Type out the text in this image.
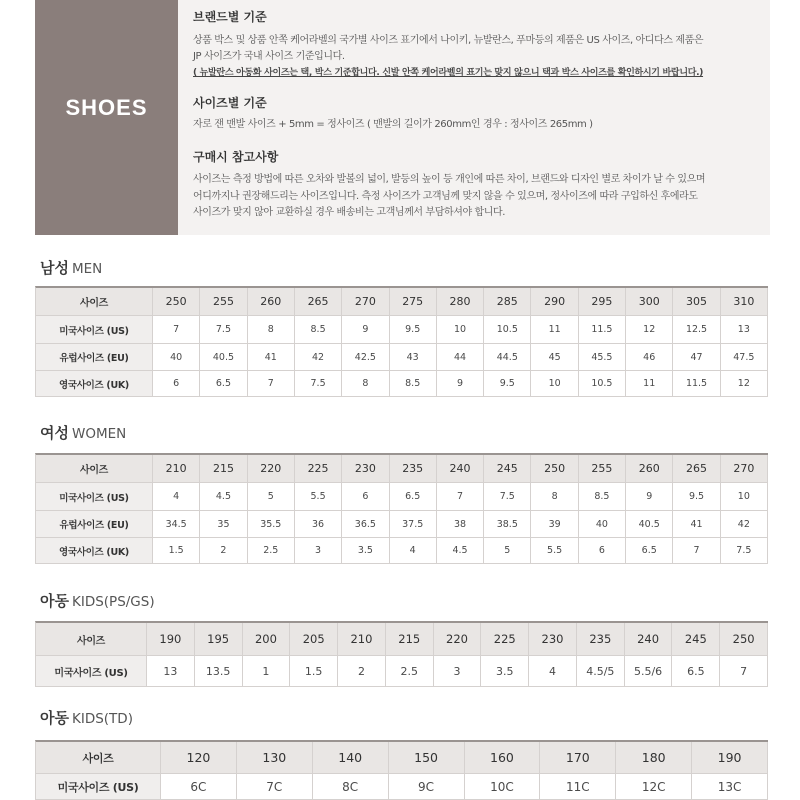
SHOES
브랜드별 기준
상품 박스 및 상품 안쪽 케어라벨의 국가별 사이즈 표기에서 나이키, 뉴발란스, 푸마등의 제품은 US 사이즈, 아디다스 제품은
JP 사이즈가 국내 사이즈 기준입니다.
( 뉴발란스 아동화 사이즈는 택, 박스 기준합니다. 신발 안쪽 케어라벨의 표기는 맞지 않으니 택과 박스 사이즈를 확인하시기 바랍니다.)
사이즈별 기준
자로 잰 맨발 사이즈 + 5mm = 정사이즈 ( 맨발의 길이가 260mm인 경우 : 정사이즈 265mm )
구매시 참고사항
사이즈는 측정 방법에 따른 오차와 발볼의 넓이, 발등의 높이 등 개인에 따른 차이, 브랜드와 디자인 별로 차이가 날 수 있으며
어디까지나 권장해드리는 사이즈입니다. 측정 사이즈가 고객님께 맞지 않을 수 있으며, 정사이즈에 따라 구입하신 후에라도
사이즈가 맞지 않아 교환하실 경우 배송비는 고객님께서 부담하셔야 합니다.
남성 MEN
사이즈	250	255	260	265	270	275	280	285	290	295	300	305	310
미국사이즈 (US)	7	7.5	8	8.5	9	9.5	10	10.5	11	11.5	12	12.5	13
유럽사이즈 (EU)	40	40.5	41	42	42.5	43	44	44.5	45	45.5	46	47	47.5
영국사이즈 (UK)	6	6.5	7	7.5	8	8.5	9	9.5	10	10.5	11	11.5	12
여성 WOMEN
사이즈	210	215	220	225	230	235	240	245	250	255	260	265	270
미국사이즈 (US)	4	4.5	5	5.5	6	6.5	7	7.5	8	8.5	9	9.5	10
유럽사이즈 (EU)	34.5	35	35.5	36	36.5	37.5	38	38.5	39	40	40.5	41	42
영국사이즈 (UK)	1.5	2	2.5	3	3.5	4	4.5	5	5.5	6	6.5	7	7.5
아동 KIDS(PS/GS)
사이즈	190	195	200	205	210	215	220	225	230	235	240	245	250
미국사이즈 (US)	13	13.5	1	1.5	2	2.5	3	3.5	4	4.5/5	5.5/6	6.5	7
아동 KIDS(TD)
사이즈	120	130	140	150	160	170	180	190
미국사이즈 (US)	6C	7C	8C	9C	10C	11C	12C	13C
